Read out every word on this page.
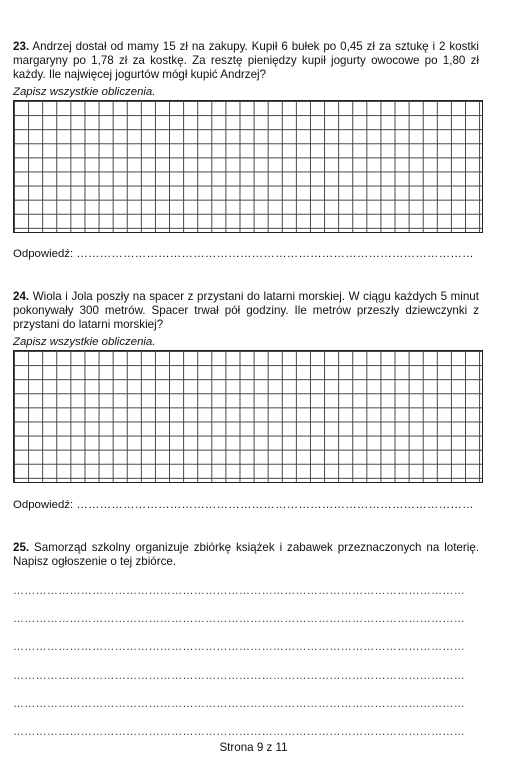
23. Andrzej dostał od mamy 15 zł na zakupy. Kupił 6 bułek po 0,45 zł za sztukę i 2 kostki margaryny po 1,78 zł za kostkę. Za resztę pieniędzy kupił jogurty owocowe po 1,80 zł każdy. Ile najwięcej jogurtów mógł kupić Andrzej?
Zapisz wszystkie obliczenia.
Odpowiedź: …………………………………………………………………………………………
24. Wiola i Jola poszły na spacer z przystani do latarni morskiej. W ciągu każdych 5 minut pokonywały 300 metrów. Spacer trwał pół godziny. Ile metrów przeszły dziewczynki z przystani do latarni morskiej?
Zapisz wszystkie obliczenia.
Odpowiedź: …………………………………………………………………………………………
25. Samorząd szkolny organizuje zbiórkę książek i zabawek przeznaczonych na loterię. Napisz ogłoszenie o tej zbiórce.
…………………………………………………………………………………………………………
…………………………………………………………………………………………………………
…………………………………………………………………………………………………………
…………………………………………………………………………………………………………
…………………………………………………………………………………………………………
…………………………………………………………………………………………………………
Strona 9 z 11
